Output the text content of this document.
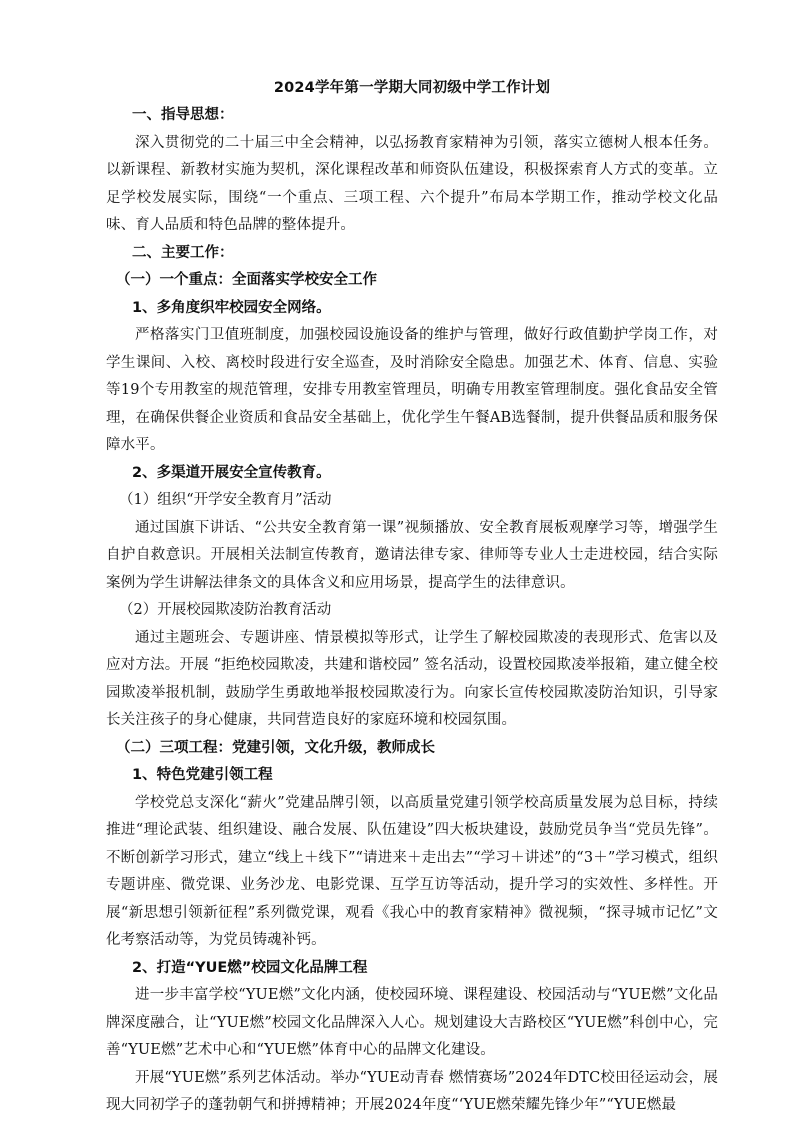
2024学年第一学期大同初级中学工作计划
一、指导思想：
深入贯彻党的二十届三中全会精神，以弘扬教育家精神为引领，落实立德树人根本任务。以新课程、新教材实施为契机，深化课程改革和师资队伍建设，积极探索育人方式的变革。立足学校发展实际，围绕“一个重点、三项工程、六个提升”布局本学期工作，推动学校文化品味、育人品质和特色品牌的整体提升。
二、主要工作：
（一）一个重点：全面落实学校安全工作
1、多角度织牢校园安全网络。
严格落实门卫值班制度，加强校园设施设备的维护与管理，做好行政值勤护学岗工作，对学生课间、入校、离校时段进行安全巡查，及时消除安全隐患。加强艺术、体育、信息、实验等19个专用教室的规范管理，安排专用教室管理员，明确专用教室管理制度。强化食品安全管理，在确保供餐企业资质和食品安全基础上，优化学生午餐AB选餐制，提升供餐品质和服务保障水平。
2、多渠道开展安全宣传教育。
（1）组织“开学安全教育月”活动
通过国旗下讲话、“公共安全教育第一课”视频播放、安全教育展板观摩学习等，增强学生自护自救意识。开展相关法制宣传教育，邀请法律专家、律师等专业人士走进校园，结合实际案例为学生讲解法律条文的具体含义和应用场景，提高学生的法律意识。
（2）开展校园欺凌防治教育活动
通过主题班会、专题讲座、情景模拟等形式，让学生了解校园欺凌的表现形式、危害以及应对方法。开展 “拒绝校园欺凌，共建和谐校园” 签名活动，设置校园欺凌举报箱，建立健全校园欺凌举报机制，鼓励学生勇敢地举报校园欺凌行为。向家长宣传校园欺凌防治知识，引导家长关注孩子的身心健康，共同营造良好的家庭环境和校园氛围。
（二）三项工程：党建引领，文化升级，教师成长
1、特色党建引领工程
学校党总支深化“薪火”党建品牌引领，以高质量党建引领学校高质量发展为总目标，持续推进“理论武装、组织建设、融合发展、队伍建设”四大板块建设，鼓励党员争当“党员先锋”。不断创新学习形式，建立“线上＋线下”“请进来＋走出去”“学习＋讲述”的“3＋”学习模式，组织专题讲座、微党课、业务沙龙、电影党课、互学互访等活动，提升学习的实效性、多样性。开展“新思想引领新征程”系列微党课，观看《我心中的教育家精神》微视频，“探寻城市记忆”文化考察活动等，为党员铸魂补钙。
2、打造“YUE燃”校园文化品牌工程
进一步丰富学校“YUE燃”文化内涵，使校园环境、课程建设、校园活动与“YUE燃”文化品牌深度融合，让“YUE燃”校园文化品牌深入人心。规划建设大吉路校区“YUE燃”科创中心，完善“YUE燃”艺术中心和“YUE燃”体育中心的品牌文化建设。
开展“YUE燃”系列艺体活动。举办“YUE动青春 燃情赛场”2024年DTC校田径运动会，展现大同初学子的蓬勃朝气和拼搏精神；开展2024年度“‘YUE燃荣耀先锋少年”“YUE燃最
